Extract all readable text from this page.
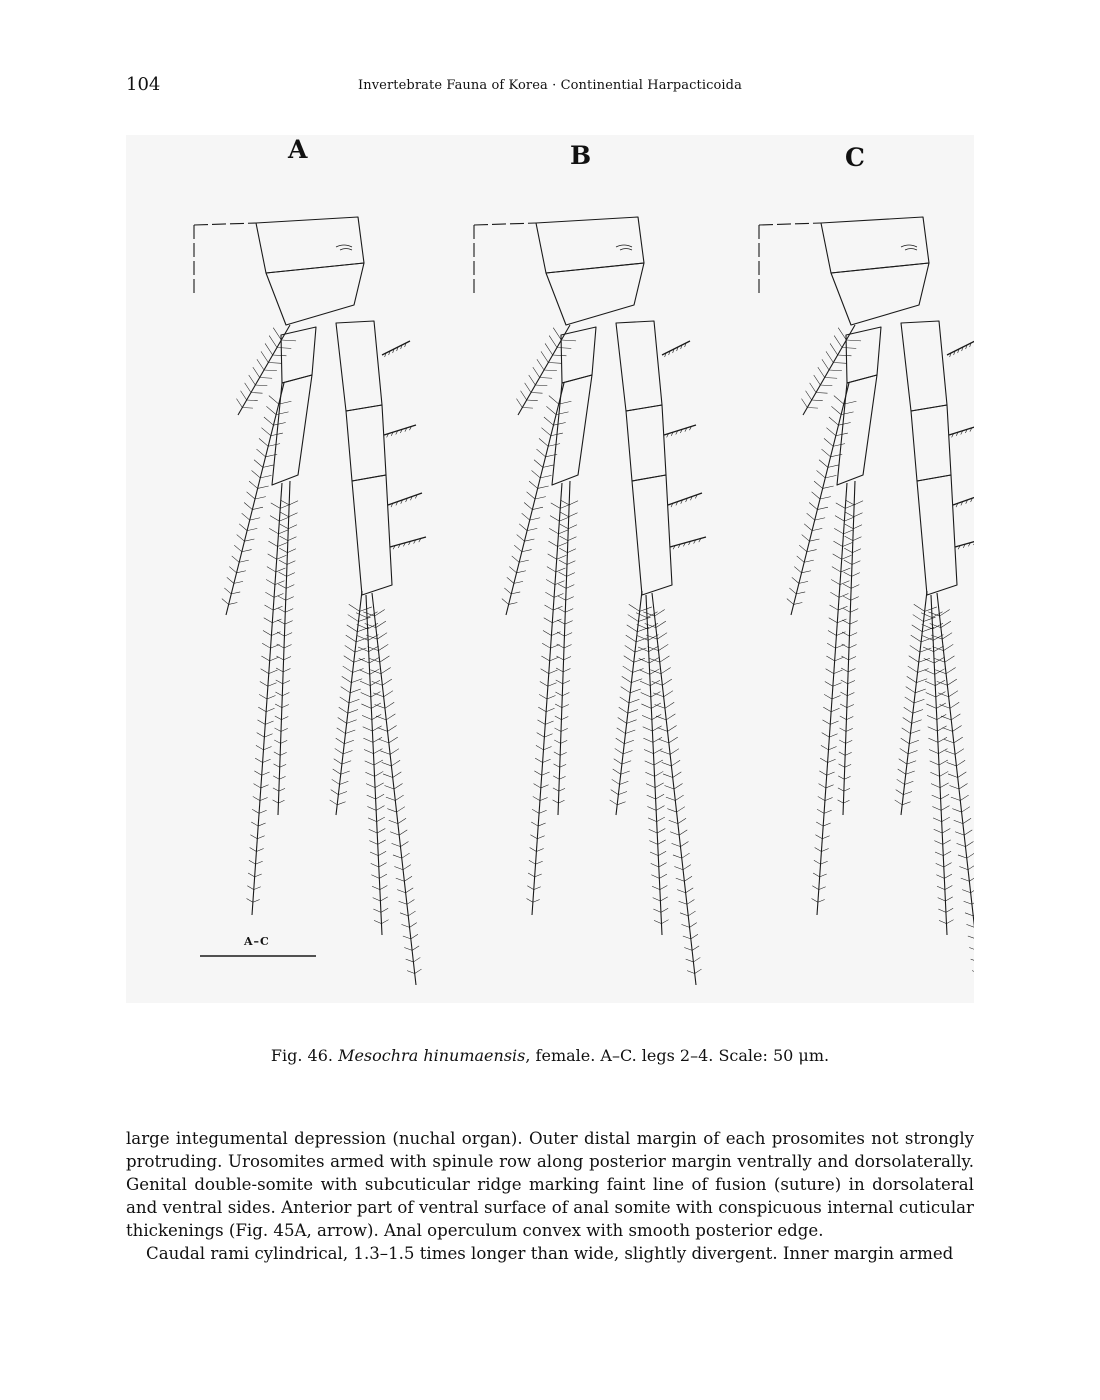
104	Invertebrate Fauna of Korea · Continential Harpacticoida
A	B	C
A–C
Fig. 46. Mesochra hinumaensis, female. A–C. legs 2–4. Scale: 50 μm.

large integumental depression (nuchal organ). Outer distal margin of each prosomites not strongly protruding. Urosomites armed with spinule row along posterior margin ventrally and dorsolaterally. Genital double-somite with subcuticular ridge marking faint line of fusion (suture) in dorsolateral and ventral sides. Anterior part of ventral surface of anal somite with conspicuous internal cuticular thickenings (Fig. 45A, arrow). Anal operculum convex with smooth posterior edge.

Caudal rami cylindrical, 1.3–1.5 times longer than wide, slightly divergent. Inner margin armed
